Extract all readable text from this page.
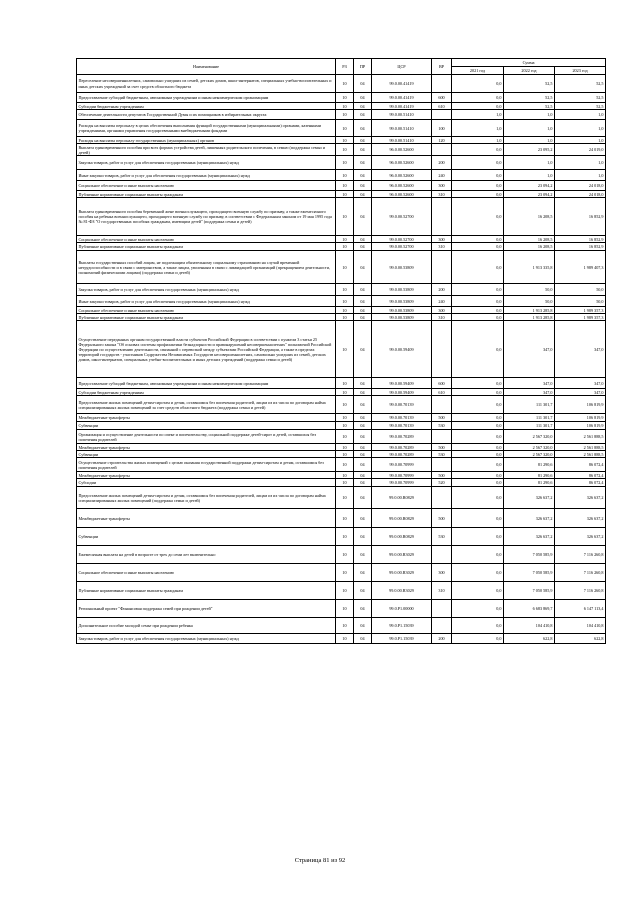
Наименование	РЗ	ПР	ЦСР	ВР	Сумма		
					2021 год	2022 год	2023 год
Переселение несовершеннолетних, самовольно ушедших из семей, детских домов, школ-интернатов, специальных учебно-воспитательных и иных детских учреждений за счет средств областного бюджета	10	04	99.0.00.41419		0,0	52,5	52,5
Предоставление субсидий бюджетным, автономным учреждениям и иным некоммерческим организациям	10	04	99.0.00.41419	600	0,0	52,5	52,5
Субсидии бюджетным учреждениям	10	04	99.0.00.41419	610	0,0	52,5	52,5
Обеспечение деятельности депутатов Государственной Думы и их помощников в избирательных округах	10	04	99.0.00.51410		1,0	1,0	1,0
Расходы на выплаты персоналу в целях обеспечения выполнения функций государственными (муниципальными) органами, казенными учреждениями, органами управления государственными внебюджетными фондами	10	04	99.0.00.51410	100	1,0	1,0	1,0
Расходы на выплаты персоналу государственных (муниципальных) органов	10	04	99.0.00.51410	120	1,0	1,0	1,0
Выплата единовременного пособия при всех формах устройства детей, лишенных родительского попечения, в семью (поддержка семьи и детей)	10	04	96.0.00.52600		0,0	23 095,2	24 019,0
Закупка товаров, работ и услуг для обеспечения государственных (муниципальных) нужд	10	04	96.0.00.52600	200	0,0	1,0	1,0
Иные закупки товаров, работ и услуг для обеспечения государственных (муниципальных) нужд	10	04	96.0.00.52600	240	0,0	1,0	1,0
Социальное обеспечение и иные выплаты населению	10	04	96.0.00.52600	300	0,0	23 094,2	24 018,0
Публичные нормативные социальные выплаты гражданам	10	04	96.0.00.52600	310	0,0	23 094,2	24 018,0
Выплата единовременного пособия беременной жене военнослужащего, проходящего военную службу по призыву, а также ежемесячного пособия на ребенка военнослужащего, проходящего военную службу по призыву, в соответствии с Федеральным законом от 19 мая 1995 года № 81-ФЗ "О государственных пособиях гражданам, имеющим детей" (поддержка семьи и детей)	10	04	99.0.00.52700		0,0	16 208,5	16 852,9
Социальное обеспечение и иные выплаты населению	10	04	99.0.00.52700	300	0,0	16 208,5	16 852,9
Публичные нормативные социальные выплаты гражданам	10	04	99.0.00.52700	310	0,0	16 208,5	16 852,9
Выплаты государственных пособий лицам, не подлежащим обязательному социальному страхованию на случай временной нетрудоспособности и в связи с материнством, а также лицам, уволенным в связи с ликвидацией организаций (прекращением деятельности, полномочий физическими лицами) (поддержка семьи и детей)	10	04	99.0.00.53809		0,0	1 913 335,8	1 989 407,3
Закупка товаров, работ и услуг для обеспечения государственных (муниципальных) нужд	10	04	99.0.00.53809	200	0,0	50,0	50,0
Иные закупки товаров, работ и услуг для обеспечения государственных (муниципальных) нужд	10	04	99.0.00.53809	240	0,0	50,0	50,0
Социальное обеспечение и иные выплаты населению	10	04	99.0.00.53809	300	0,0	1 913 285,8	1 989 357,3
Публичные нормативные социальные выплаты гражданам	10	04	99.0.00.53809	310	0,0	1 913 285,8	1 989 357,3
Осуществление переданных органам государственной власти субъектов Российской Федерации в соответствии с пунктом 3 статьи 25 Федерального закона "Об основах системы профилактики безнадзорности и правонарушений несовершеннолетних" полномочий Российской Федерации по осуществлению деятельности, связанной с перевозкой между субъектами Российской Федерации, а также в пределах территорий государств - участников Содружества Независимых Государств несовершеннолетних, самовольно ушедших из семей, детских домов, школ-интернатов, специальных учебно-воспитательных и иных детских учреждений (поддержка семьи и детей)	10	04	99.0.00.59409		0,0	347,0	347,0
Предоставление субсидий бюджетным, автономным учреждениям и иным некоммерческим организациям	10	04	99.0.00.59409	600	0,0	347,0	347,0
Субсидии бюджетным учреждениям	10	04	99.0.00.59409	610	0,0	347,0	347,0
Предоставление жилых помещений детям-сиротам и детям, оставшимся без попечения родителей, лицам из их числа по договорам найма специализированных жилых помещений за счет средств областного бюджета (поддержка семьи и детей)	10	04	99.0.00.70139		0,0	111 301,7	106 819,9
Межбюджетные трансферты	10	04	99.0.00.70139	500	0,0	111 301,7	106 819,9
Субвенции	10	04	99.0.00.70139	530	0,0	111 301,7	106 819,9
Организация и осуществление деятельности по опеке и попечительству, социальной поддержке детей-сирот и детей, оставшихся без попечения родителей	10	04	99.0.00.70289		0,0	2 567 320,0	2 561 888,5
Межбюджетные трансферты	10	04	99.0.00.70289	500	0,0	2 567 320,0	2 561 888,5
Субвенции	10	04	99.0.00.70289	530	0,0	2 567 320,0	2 561 888,5
Осуществление строительства жилых помещений с целью оказания государственной поддержки детям-сиротам и детям, оставшимся без попечения родителей	10	04	99.0.00.70999		0,0	81 290,6	86 072,4
Межбюджетные трансферты	10	04	99.0.00.70999	500	0,0	81 290,6	86 072,4
Субсидии	10	04	99.0.00.70999	520	0,0	81 290,6	86 072,4
Предоставление жилых помещений детям-сиротам и детям, оставшимся без попечения родителей, лицам из их числа по договорам найма специализированных жилых помещений (поддержка семьи и детей)	10	04	99.0.00.R0829		0,0	326 637,2	326 637,2
Межбюджетные трансферты	10	04	99.0.00.R0829	500	0,0	326 637,2	326 637,2
Субвенции	10	04	99.0.00.R0829	530	0,0	326 637,2	326 637,2
Ежемесячная выплата на детей в возрасте от трех до семи лет включительно	10	04	99.0.00.R3029		0,0	7 050 585,9	7 116 260,8
Социальное обеспечение и иные выплаты населению	10	04	99.0.00.R3029	300	0,0	7 050 585,9	7 116 260,8
Публичные нормативные социальные выплаты гражданам	10	04	99.0.00.R3029	310	0,0	7 050 585,9	7 116 260,8
Региональный проект "Финансовая поддержка семей при рождении детей"	10	04	99.0.P1.00000		0,0	6 683 869,7	6 147 113,4
Дополнительное пособие молодой семье при рождении ребенка	10	04	99.0.P1.15039		0,0	104 410,8	104 410,8
Закупка товаров, работ и услуг для обеспечения государственных (муниципальных) нужд	10	04	99.0.P1.15039	200	0,0	622,8	622,8
Страница 81 из 92
